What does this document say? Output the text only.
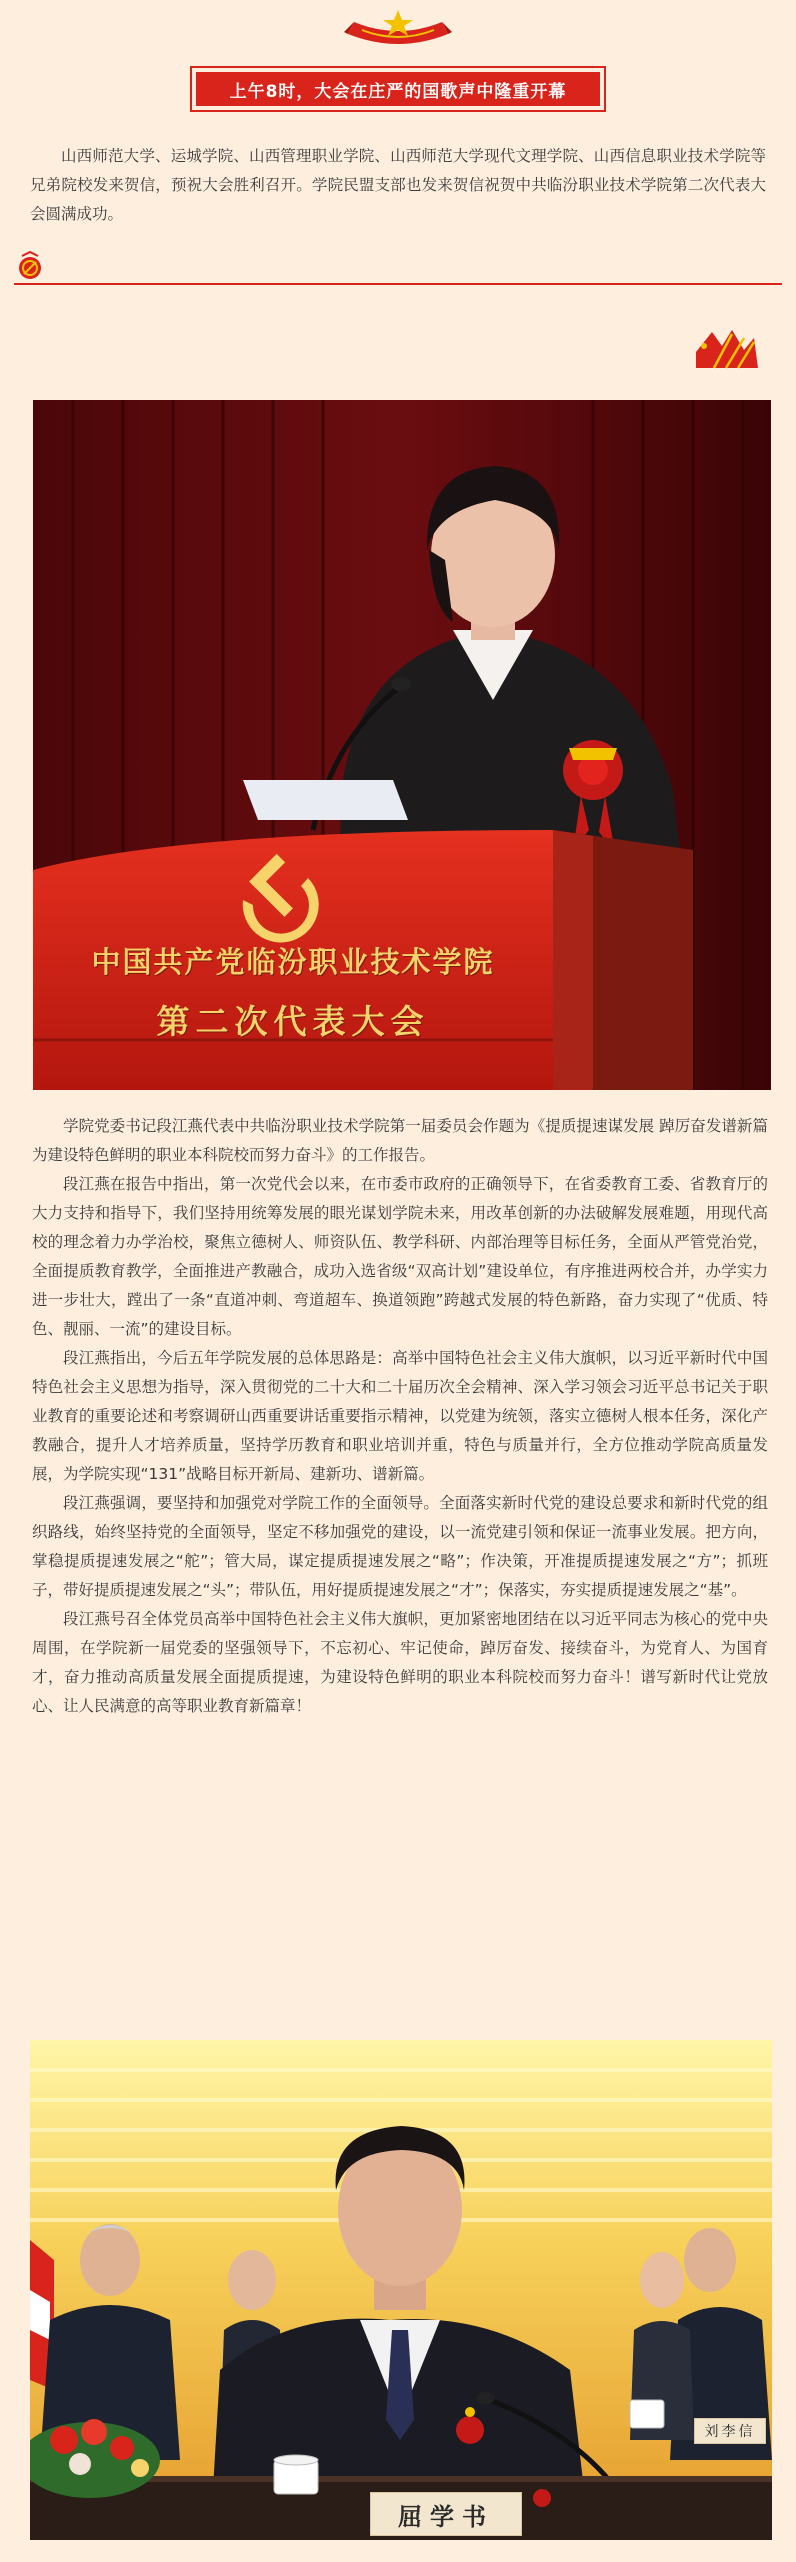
上午8时，大会在庄严的国歌声中隆重开幕

山西师范大学、运城学院、山西管理职业学院、山西师范大学现代文理学院、山西信息职业技术学院等兄弟院校发来贺信，预祝大会胜利召开。学院民盟支部也发来贺信祝贺中共临汾职业技术学院第二次代表大会圆满成功。

中国共产党临汾职业技术学院
第二次代表大会

学院党委书记段江燕代表中共临汾职业技术学院第一届委员会作题为《提质提速谋发展 踔厉奋发谱新篇 为建设特色鲜明的职业本科院校而努力奋斗》的工作报告。

段江燕在报告中指出，第一次党代会以来，在市委市政府的正确领导下，在省委教育工委、省教育厅的大力支持和指导下，我们坚持用统筹发展的眼光谋划学院未来，用改革创新的办法破解发展难题，用现代高校的理念着力办学治校，聚焦立德树人、师资队伍、教学科研、内部治理等目标任务，全面从严管党治党，全面提质教育教学，全面推进产教融合，成功入选省级“双高计划”建设单位，有序推进两校合并，办学实力进一步壮大，蹚出了一条“直道冲刺、弯道超车、换道领跑”跨越式发展的特色新路，奋力实现了“优质、特色、靓丽、一流”的建设目标。

段江燕指出，今后五年学院发展的总体思路是：高举中国特色社会主义伟大旗帜，以习近平新时代中国特色社会主义思想为指导，深入贯彻党的二十大和二十届历次全会精神、深入学习领会习近平总书记关于职业教育的重要论述和考察调研山西重要讲话重要指示精神，以党建为统领，落实立德树人根本任务，深化产教融合，提升人才培养质量，坚持学历教育和职业培训并重，特色与质量并行，全方位推动学院高质量发展，为学院实现“131”战略目标开新局、建新功、谱新篇。

段江燕强调，要坚持和加强党对学院工作的全面领导。全面落实新时代党的建设总要求和新时代党的组织路线，始终坚持党的全面领导，坚定不移加强党的建设，以一流党建引领和保证一流事业发展。把方向，掌稳提质提速发展之“舵”；管大局，谋定提质提速发展之“略”；作决策，开准提质提速发展之“方”；抓班子，带好提质提速发展之“头”；带队伍，用好提质提速发展之“才”；保落实，夯实提质提速发展之“基”。

段江燕号召全体党员高举中国特色社会主义伟大旗帜，更加紧密地团结在以习近平同志为核心的党中央周围，在学院新一届党委的坚强领导下，不忘初心、牢记使命，踔厉奋发、接续奋斗，为党育人、为国育才，奋力推动高质量发展全面提质提速，为建设特色鲜明的职业本科院校而努力奋斗！谱写新时代让党放心、让人民满意的高等职业教育新篇章！

屈学书
刘李信
